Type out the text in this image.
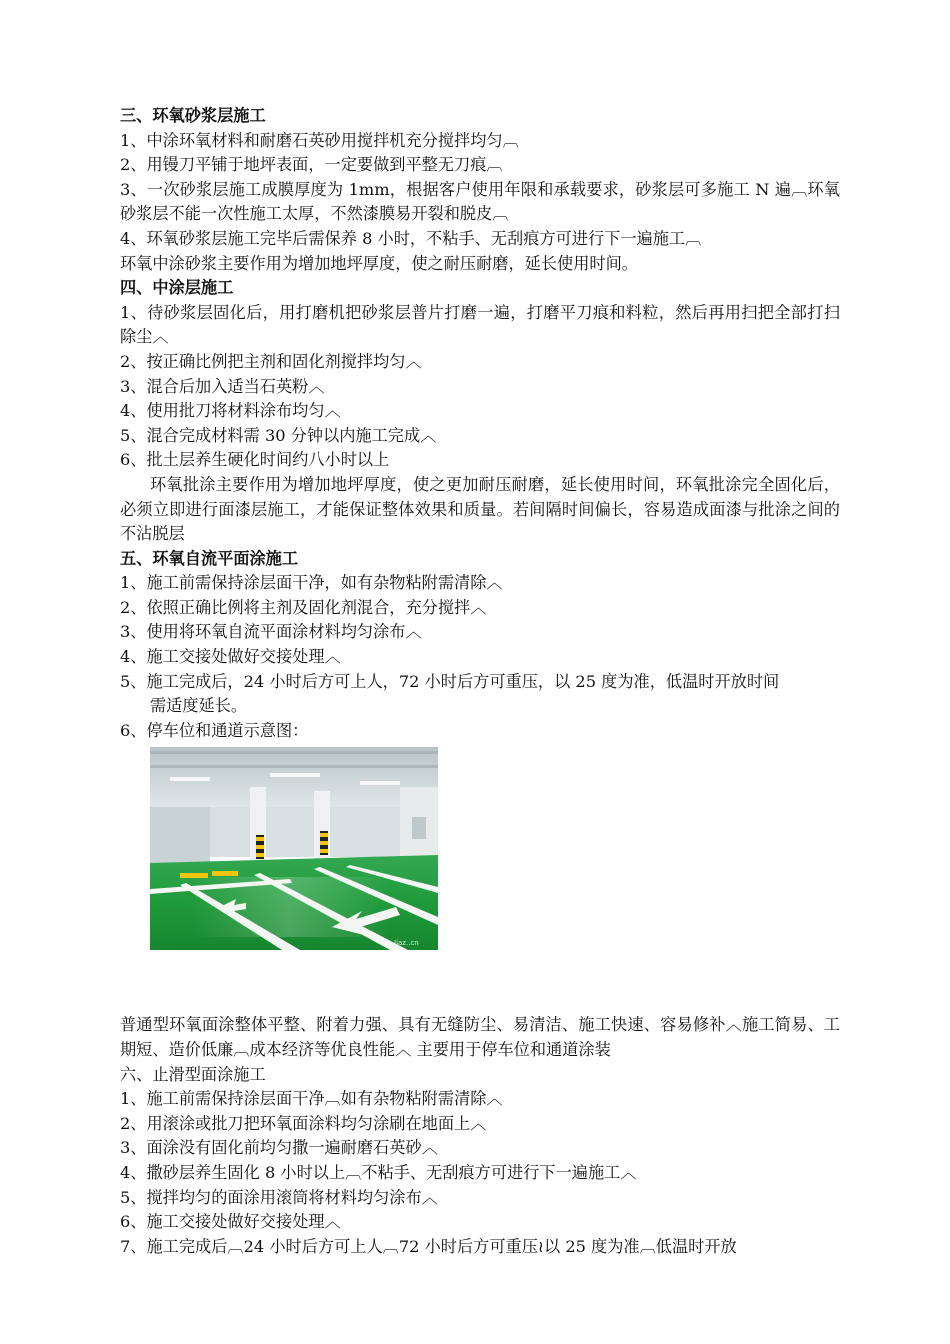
三、环氧砂浆层施工

1、中涂环氧材料和耐磨石英砂用搅拌机充分搅拌均匀︹

2、用镘刀平铺于地坪表面，一定要做到平整无刀痕︹

3、一次砂浆层施工成膜厚度为 1mm，根据客户使用年限和承载要求，砂浆层可多施工 N 遍︹环氧砂浆层不能一次性施工太厚，不然漆膜易开裂和脱皮︹

4、环氧砂浆层施工完毕后需保养 8 小时，不粘手、无刮痕方可进行下一遍施工︹

环氧中涂砂浆主要作用为增加地坪厚度，使之耐压耐磨，延长使用时间。

四、中涂层施工

1、待砂浆层固化后，用打磨机把砂浆层普片打磨一遍，打磨平刀痕和料粒，然后再用扫把全部打扫除尘︿

2、按正确比例把主剂和固化剂搅拌均匀︿

3、混合后加入适当石英粉︿

4、使用批刀将材料涂布均匀︿

5、混合完成材料需 30 分钟以内施工完成︿

6、批土层养生硬化时间约八小时以上

环氧批涂主要作用为增加地坪厚度，使之更加耐压耐磨，延长使用时间，环氧批涂完全固化后，必须立即进行面漆层施工，才能保证整体效果和质量。若间隔时间偏长，容易造成面漆与批涂之间的不沾脱层

五、环氧自流平面涂施工

1、施工前需保持涂层面干净，如有杂物粘附需清除︿

2、依照正确比例将主剂及固化剂混合，充分搅拌︿

3、使用将环氧自流平面涂材料均匀涂布︿

4、施工交接处做好交接处理︿

5、施工完成后，24 小时后方可上人，72 小时后方可重压，以 25 度为准，低温时开放时间

需适度延长。

6、停车位和通道示意图：

Jiaz..cn

普通型环氧面涂整体平整、附着力强、具有无缝防尘、易清洁、施工快速、容易修补︿施工简易、工期短、造价低廉︹成本经济等优良性能︿ 主要用于停车位和通道涂装

六、止滑型面涂施工

1、施工前需保持涂层面干净︹如有杂物粘附需清除︿

2、用滚涂或批刀把环氧面涂料均匀涂刷在地面上︿

3、面涂没有固化前均匀撒一遍耐磨石英砂︿

4、撒砂层养生固化 8 小时以上︹不粘手、无刮痕方可进行下一遍施工︿

5、搅拌均匀的面涂用滚筒将材料均匀涂布︿

6、施工交接处做好交接处理︿

7、施工完成后︹24 小时后方可上人︹72 小时后方可重压≀以 25 度为准︹低温时开放
